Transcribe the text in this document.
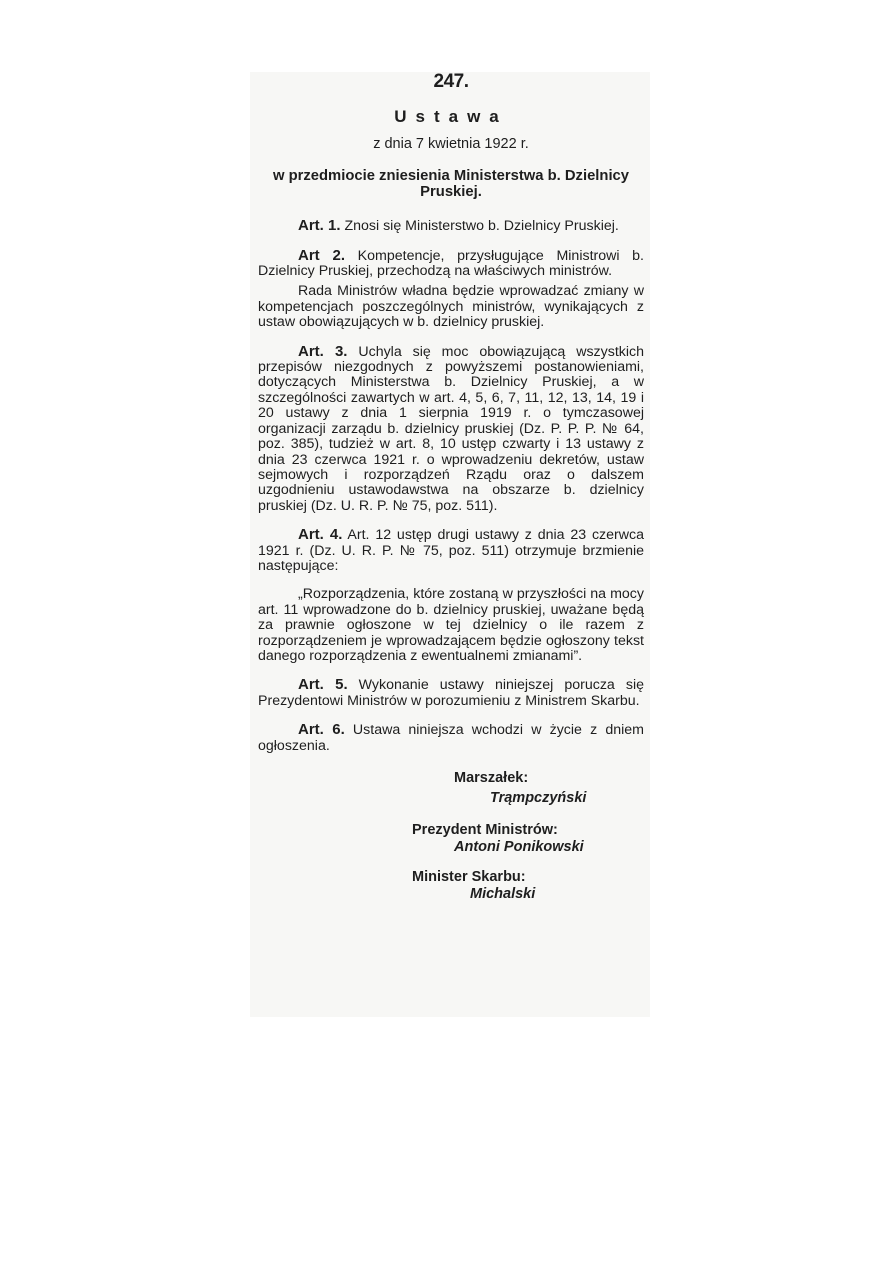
247.
Ustawa
z dnia 7 kwietnia 1922 r.
w przedmiocie zniesienia Ministerstwa b. Dzielnicy Pruskiej.

Art. 1. Znosi się Ministerstwo b. Dzielnicy Pruskiej.

Art 2. Kompetencje, przysługujące Ministrowi b. Dzielnicy Pruskiej, przechodzą na właściwych ministrów.

Rada Ministrów władna będzie wprowadzać zmiany w kompetencjach poszczególnych ministrów, wynikających z ustaw obowiązujących w b. dzielnicy pruskiej.

Art. 3. Uchyla się moc obowiązującą wszystkich przepisów niezgodnych z powyższemi postanowieniami, dotyczących Ministerstwa b. Dzielnicy Pruskiej, a w szczególności zawartych w art. 4, 5, 6, 7, 11, 12, 13, 14, 19 i 20 ustawy z dnia 1 sierpnia 1919 r. o tymczasowej organizacji zarządu b. dzielnicy pruskiej (Dz. P. P. P. № 64, poz. 385), tudzież w art. 8, 10 ustęp czwarty i 13 ustawy z dnia 23 czerwca 1921 r. o wprowadzeniu dekretów, ustaw sejmowych i rozporządzeń Rządu oraz o dalszem uzgodnieniu ustawodawstwa na obszarze b. dzielnicy pruskiej (Dz. U. R. P. № 75, poz. 511).

Art. 4. Art. 12 ustęp drugi ustawy z dnia 23 czerwca 1921 r. (Dz. U. R. P. № 75, poz. 511) otrzymuje brzmienie następujące:

„Rozporządzenia, które zostaną w przyszłości na mocy art. 11 wprowadzone do b. dzielnicy pruskiej, uważane będą za prawnie ogłoszone w tej dzielnicy o ile razem z rozporządzeniem je wprowadzającem będzie ogłoszony tekst danego rozporządzenia z ewentualnemi zmianami”.

Art. 5. Wykonanie ustawy niniejszej porucza się Prezydentowi Ministrów w porozumieniu z Ministrem Skarbu.

Art. 6. Ustawa niniejsza wchodzi w życie z dniem ogłoszenia.

Marszałek:
Trąmpczyński
Prezydent Ministrów:
Antoni Ponikowski
Minister Skarbu:
Michalski
